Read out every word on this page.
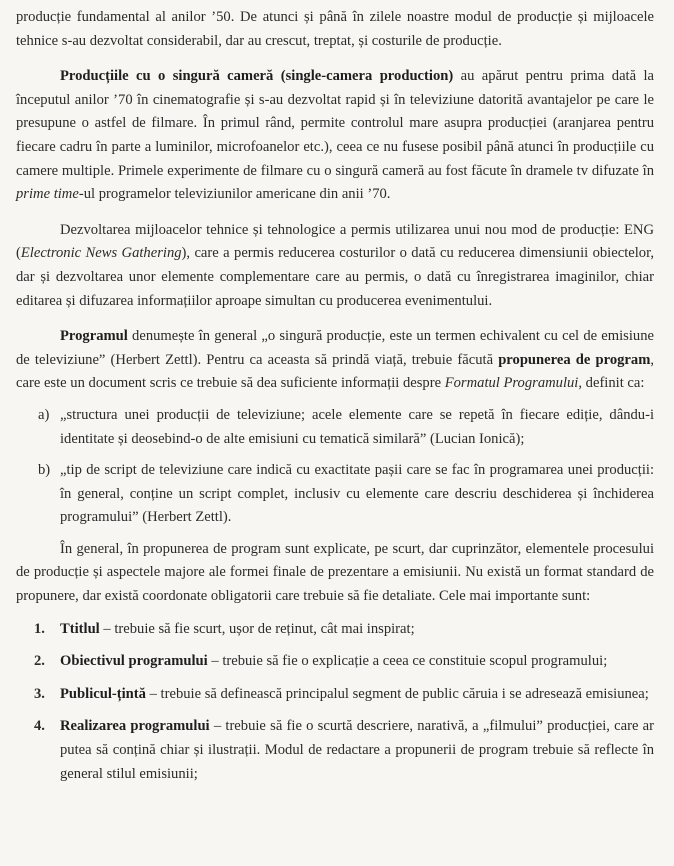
producție fundamental al anilor ’50. De atunci și până în zilele noastre modul de producție și mijloacele tehnice s-au dezvoltat considerabil, dar au crescut, treptat, și costurile de producție.

Producțiile cu o singură cameră (single-camera production) au apărut pentru prima dată la începutul anilor ’70 în cinematografie și s-au dezvoltat rapid și în televiziune datorită avantajelor pe care le presupune o astfel de filmare. În primul rând, permite controlul mare asupra producției (aranjarea pentru fiecare cadru în parte a luminilor, microfoanelor etc.), ceea ce nu fusese posibil până atunci în producțiile cu camere multiple. Primele experimente de filmare cu o singură cameră au fost făcute în dramele tv difuzate în prime time-ul programelor televiziunilor americane din anii ’70.

Dezvoltarea mijloacelor tehnice și tehnologice a permis utilizarea unui nou mod de producție: ENG (Electronic News Gathering), care a permis reducerea costurilor o dată cu reducerea dimensiunii obiectelor, dar și dezvoltarea unor elemente complementare care au permis, o dată cu înregistrarea imaginilor, chiar editarea și difuzarea informațiilor aproape simultan cu producerea evenimentului.

Programul denumește în general „o singură producție, este un termen echivalent cu cel de emisiune de televiziune” (Herbert Zettl). Pentru ca aceasta să prindă viață, trebuie făcută propunerea de program, care este un document scris ce trebuie să dea suficiente informații despre Formatul Programului, definit ca:

a) „structura unei producții de televiziune; acele elemente care se repetă în fiecare ediție, dându-i identitate și deosebind-o de alte emisiuni cu tematică similară” (Lucian Ionică);
b) „tip de script de televiziune care indică cu exactitate pașii care se fac în programarea unei producții: în general, conține un script complet, inclusiv cu elemente care descriu deschiderea și închiderea programului” (Herbert Zettl).

În general, în propunerea de program sunt explicate, pe scurt, dar cuprinzător, elementele procesului de producție și aspectele majore ale formei finale de prezentare a emisiunii. Nu există un format standard de propunere, dar există coordonate obligatorii care trebuie să fie detaliate. Cele mai importante sunt:

1. Ttitlul – trebuie să fie scurt, ușor de reținut, cât mai inspirat;
2. Obiectivul programului – trebuie să fie o explicație a ceea ce constituie scopul programului;
3. Publicul-țintă – trebuie să definească principalul segment de public căruia i se adresează emisiunea;
4. Realizarea programului – trebuie să fie o scurtă descriere, narativă, a „filmului” producției, care ar putea să conțină chiar și ilustrații. Modul de redactare a propunerii de program trebuie să reflecte în general stilul emisiunii;
